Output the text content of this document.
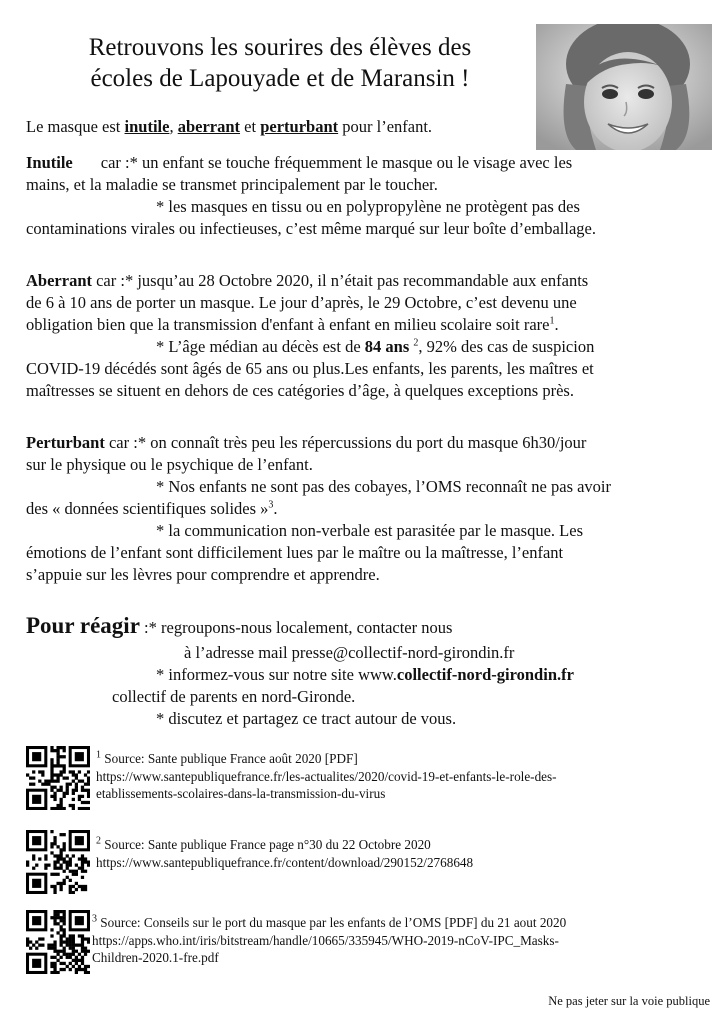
Retrouvons les sourires des élèves des
écoles de Lapouyade et de Maransin !
Le masque est inutile, aberrant et perturbant pour l’enfant.
Inutile car :* un enfant se touche fréquemment le masque ou le visage avec les
mains, et la maladie se transmet principalement par le toucher.
* les masques en tissu ou en polypropylène ne protègent pas des
contaminations virales ou infectieuses, c’est même marqué sur leur boîte d’emballage.
Aberrant car :* jusqu’au 28 Octobre 2020, il n’était pas recommandable aux enfants
de 6 à 10 ans de porter un masque. Le jour d’après, le 29 Octobre, c’est devenu une
obligation bien que la transmission d'enfant à enfant en milieu scolaire soit rare$^1$.
* L’âge médian au décès est de 84 ans $^2$, 92% des cas de suspicion
COVID-19 décédés sont âgés de 65 ans ou plus.Les enfants, les parents, les maîtres et
maîtresses se situent en dehors de ces catégories d’âge, à quelques exceptions près.
Perturbant car :* on connaît très peu les répercussions du port du masque 6h30/jour
sur le physique ou le psychique de l’enfant.
* Nos enfants ne sont pas des cobayes, l’OMS reconnaît ne pas avoir
des « données scientifiques solides »$^3$.
* la communication non-verbale est parasitée par le masque. Les
émotions de l’enfant sont difficilement lues par le maître ou la maîtresse, l’enfant
s’appuie sur les lèvres pour comprendre et apprendre.
Pour réagir :* regroupons-nous localement, contacter nous
à l’adresse mail presse@collectif-nord-girondin.fr
* informez-vous sur notre site www.collectif-nord-girondin.fr
collectif de parents en nord-Gironde.
* discutez et partagez ce tract autour de vous.
$^1$ Source: Sante publique France août 2020 [PDF]
https://www.santepubliquefrance.fr/les-actualites/2020/covid-19-et-enfants-le-role-des-
etablissements-scolaires-dans-la-transmission-du-virus
$^2$ Source: Sante publique France page n°30 du 22 Octobre 2020
https://www.santepubliquefrance.fr/content/download/290152/2768648
$^3$ Source: Conseils sur le port du masque par les enfants de l’OMS [PDF] du 21 aout 2020
https://apps.who.int/iris/bitstream/handle/10665/335945/WHO-2019-nCoV-IPC_Masks-
Children-2020.1-fre.pdf
Ne pas jeter sur la voie publique
